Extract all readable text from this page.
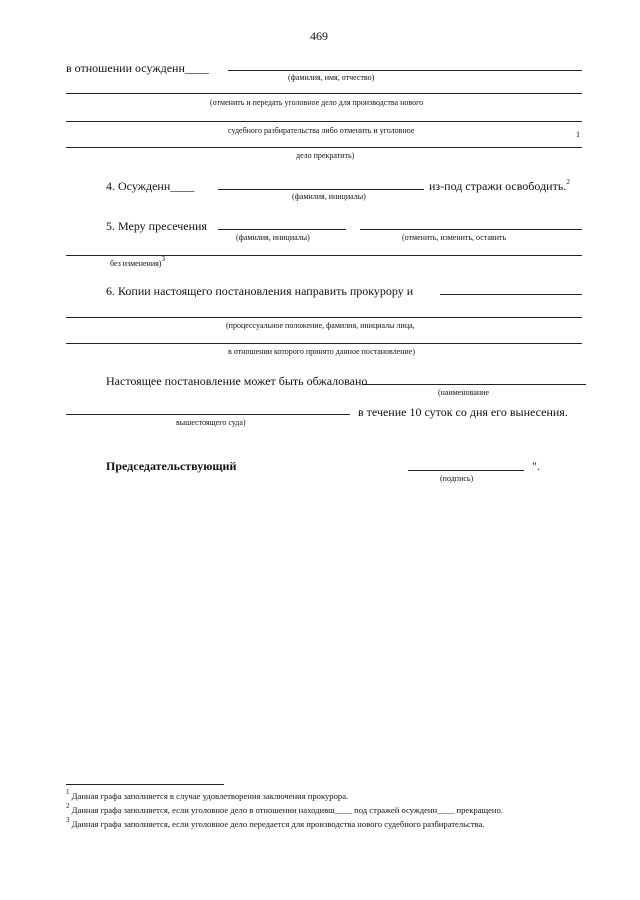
469
в отношении осужденн____
(фамилия, имя, отчество)
(отменить и передать уголовное дело для производства нового
судебного разбирательства либо отменить и уголовное	1
дело прекратить)
4. Осужденн____	из-под стражи освободить.$^2$
(фамилия, инициалы)
5. Меру пресечения
(фамилия, инициалы)	(отменить, изменить, оставить
без изменения)$^3$
6. Копии настоящего постановления направить прокурору и
(процессуальное положение, фамилия, инициалы лица,
в отношении которого принято данное постановление)
Настоящее постановление может быть обжаловано
(наименование
в течение 10 суток со дня его вынесения.
вышестоящего суда)
Председательствующий	".
(подпись)
$^1$ Данная графа заполняется в случае удовлетворения заключения прокурора.
$^2$ Данная графа заполняется, если уголовное дело в отношении находивш____ под стражей осужденн____ прекращено.
$^3$ Данная графа заполняется, если уголовное дело передается для производства нового судебного разбирательства.
